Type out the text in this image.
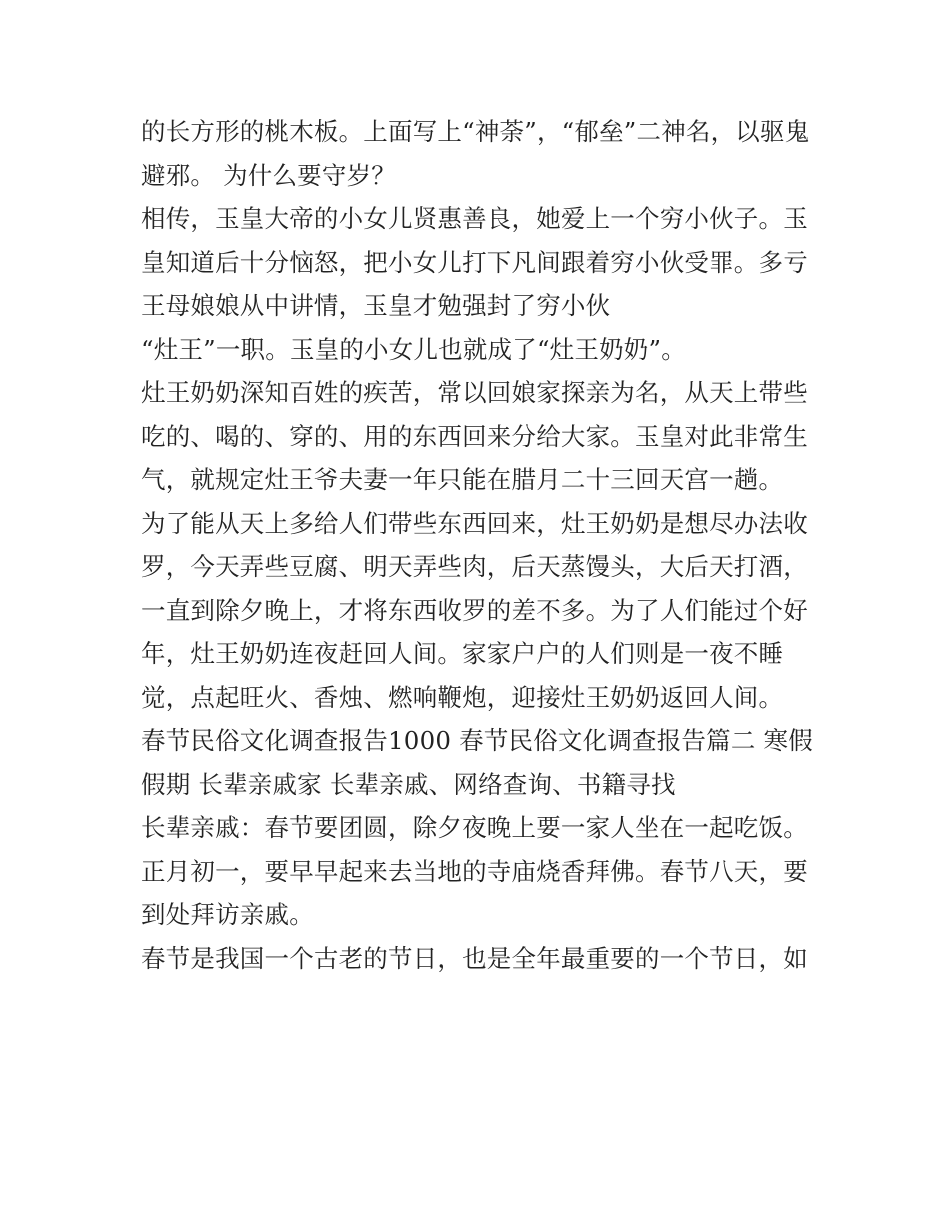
的长方形的桃木板。上面写上“神荼”，“郁垒”二神名，以驱鬼
避邪。 为什么要守岁？
相传，玉皇大帝的小女儿贤惠善良，她爱上一个穷小伙子。玉
皇知道后十分恼怒，把小女儿打下凡间跟着穷小伙受罪。多亏
王母娘娘从中讲情，玉皇才勉强封了穷小伙
“灶王”一职。玉皇的小女儿也就成了“灶王奶奶”。
灶王奶奶深知百姓的疾苦，常以回娘家探亲为名，从天上带些
吃的、喝的、穿的、用的东西回来分给大家。玉皇对此非常生
气，就规定灶王爷夫妻一年只能在腊月二十三回天宫一趟。
为了能从天上多给人们带些东西回来，灶王奶奶是想尽办法收
罗，今天弄些豆腐、明天弄些肉，后天蒸馒头，大后天打酒，
一直到除夕晚上，才将东西收罗的差不多。为了人们能过个好
年，灶王奶奶连夜赶回人间。家家户户的人们则是一夜不睡
觉，点起旺火、香烛、燃响鞭炮，迎接灶王奶奶返回人间。
春节民俗文化调查报告1000 春节民俗文化调查报告篇二 寒假
假期 长辈亲戚家 长辈亲戚、网络查询、书籍寻找
长辈亲戚：春节要团圆，除夕夜晚上要一家人坐在一起吃饭。
正月初一，要早早起来去当地的寺庙烧香拜佛。春节八天，要
到处拜访亲戚。
春节是我国一个古老的节日，也是全年最重要的一个节日，如
